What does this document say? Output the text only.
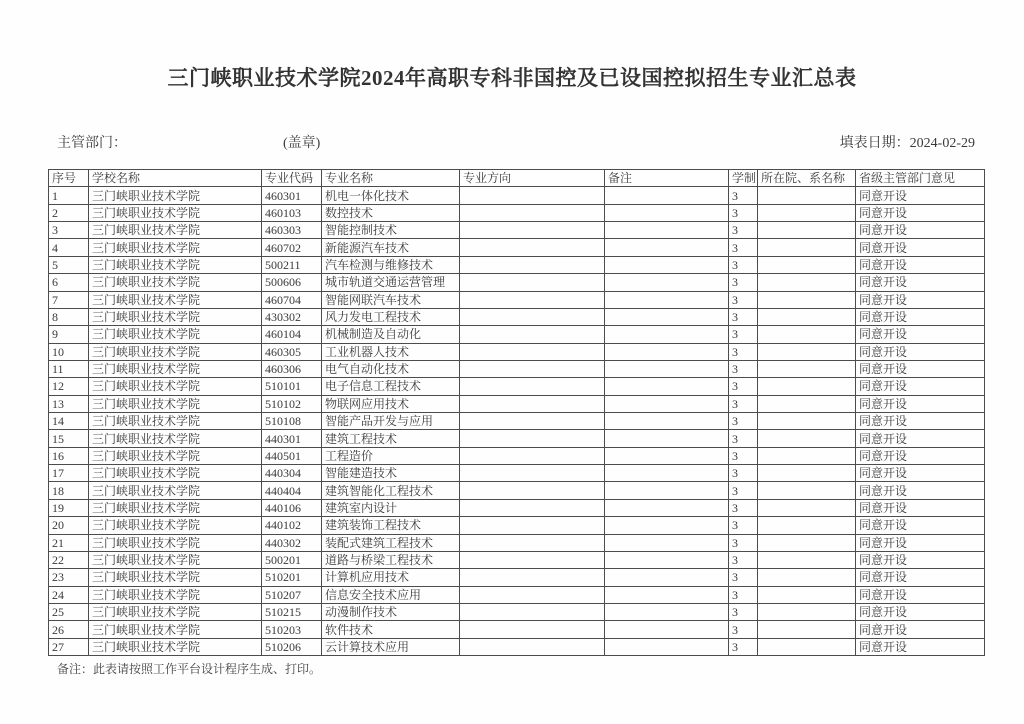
三门峡职业技术学院2024年高职专科非国控及已设国控拟招生专业汇总表
主管部门：	(盖章)	填表日期：2024-02-29
序号	学校名称	专业代码	专业名称	专业方向	备注	学制	所在院、系名称	省级主管部门意见
1	三门峡职业技术学院	460301	机电一体化技术			3		同意开设
2	三门峡职业技术学院	460103	数控技术			3		同意开设
3	三门峡职业技术学院	460303	智能控制技术			3		同意开设
4	三门峡职业技术学院	460702	新能源汽车技术			3		同意开设
5	三门峡职业技术学院	500211	汽车检测与维修技术			3		同意开设
6	三门峡职业技术学院	500606	城市轨道交通运营管理			3		同意开设
7	三门峡职业技术学院	460704	智能网联汽车技术			3		同意开设
8	三门峡职业技术学院	430302	风力发电工程技术			3		同意开设
9	三门峡职业技术学院	460104	机械制造及自动化			3		同意开设
10	三门峡职业技术学院	460305	工业机器人技术			3		同意开设
11	三门峡职业技术学院	460306	电气自动化技术			3		同意开设
12	三门峡职业技术学院	510101	电子信息工程技术			3		同意开设
13	三门峡职业技术学院	510102	物联网应用技术			3		同意开设
14	三门峡职业技术学院	510108	智能产品开发与应用			3		同意开设
15	三门峡职业技术学院	440301	建筑工程技术			3		同意开设
16	三门峡职业技术学院	440501	工程造价			3		同意开设
17	三门峡职业技术学院	440304	智能建造技术			3		同意开设
18	三门峡职业技术学院	440404	建筑智能化工程技术			3		同意开设
19	三门峡职业技术学院	440106	建筑室内设计			3		同意开设
20	三门峡职业技术学院	440102	建筑装饰工程技术			3		同意开设
21	三门峡职业技术学院	440302	装配式建筑工程技术			3		同意开设
22	三门峡职业技术学院	500201	道路与桥梁工程技术			3		同意开设
23	三门峡职业技术学院	510201	计算机应用技术			3		同意开设
24	三门峡职业技术学院	510207	信息安全技术应用			3		同意开设
25	三门峡职业技术学院	510215	动漫制作技术			3		同意开设
26	三门峡职业技术学院	510203	软件技术			3		同意开设
27	三门峡职业技术学院	510206	云计算技术应用			3		同意开设
备注：此表请按照工作平台设计程序生成、打印。
